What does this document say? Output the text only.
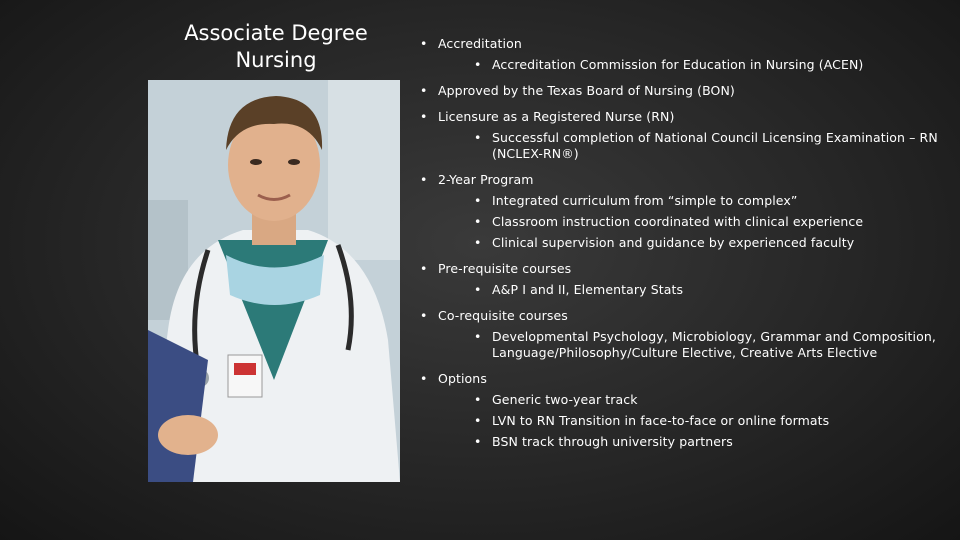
Associate Degree
Nursing
• Accreditation
• Accreditation Commission for Education in Nursing (ACEN)
• Approved by the Texas Board of Nursing (BON)
• Licensure as a Registered Nurse (RN)
• Successful completion of National Council Licensing Examination – RN (NCLEX-RN®)
• 2-Year Program
• Integrated curriculum from “simple to complex”
• Classroom instruction coordinated with clinical experience
• Clinical supervision and guidance by experienced faculty
• Pre-requisite courses
• A&P I and II, Elementary Stats
• Co-requisite courses
• Developmental Psychology, Microbiology, Grammar and Composition, Language/Philosophy/Culture Elective, Creative Arts Elective
• Options
• Generic two-year track
• LVN to RN Transition in face-to-face or online formats
• BSN track through university partners
